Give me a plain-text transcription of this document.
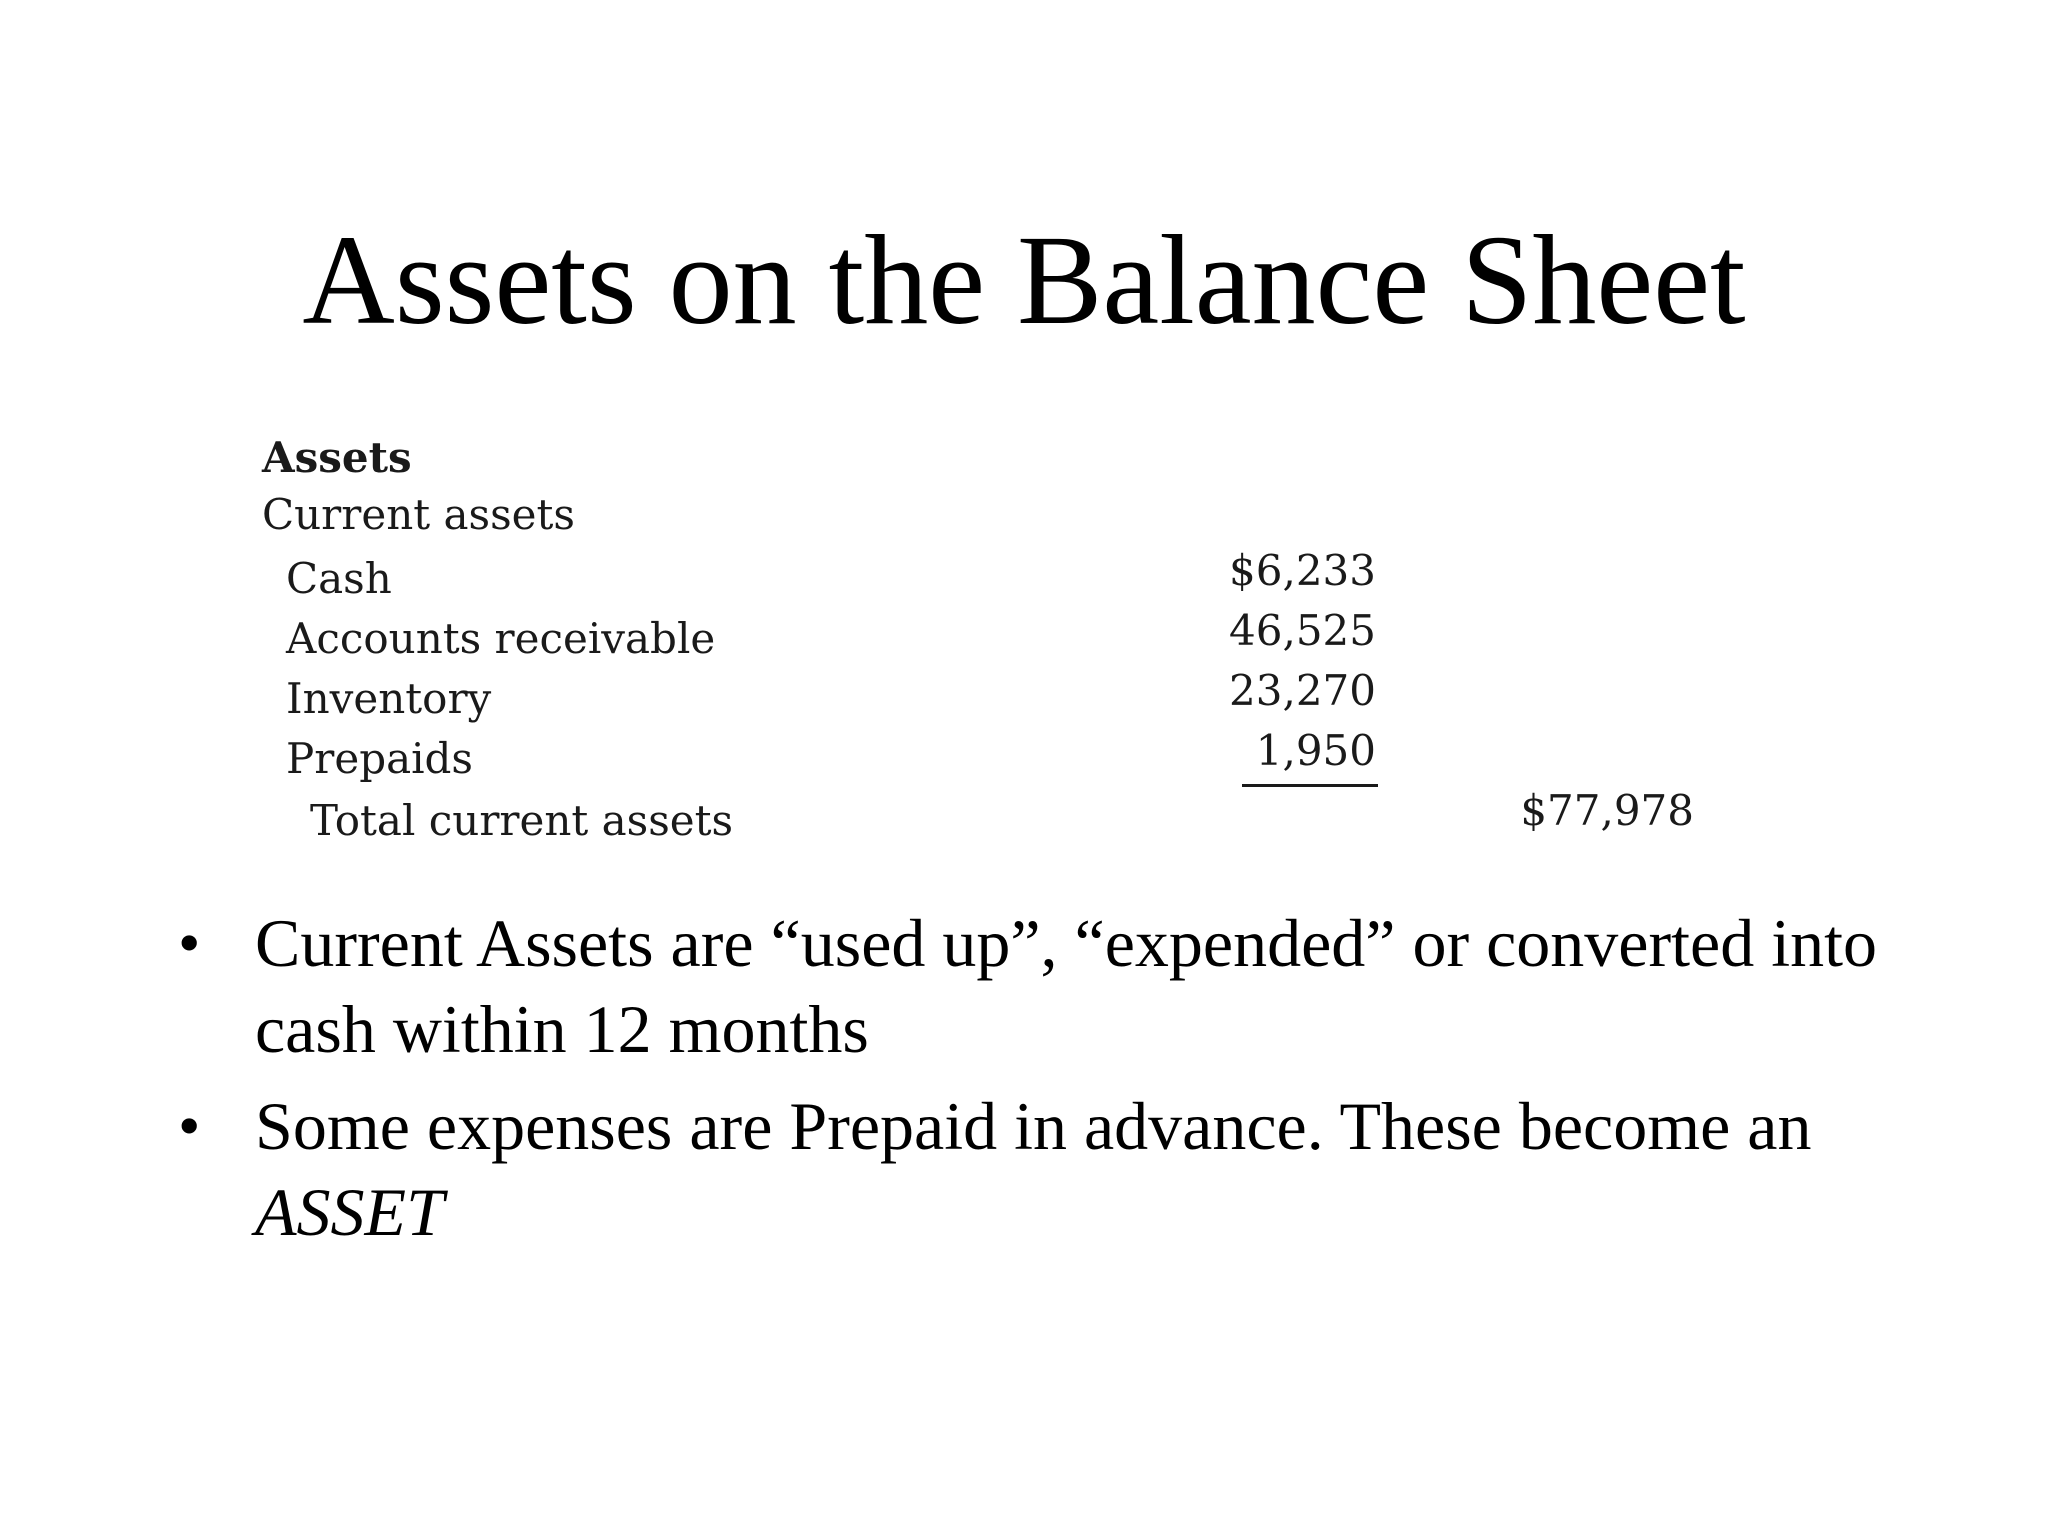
Assets on the Balance Sheet
Assets
Current assets
Cash	$6,233
Accounts receivable	46,525
Inventory	23,270
Prepaids	1,950
Total current assets	$77,978
• Current Assets are “used up”, “expended” or converted into cash within 12 months
• Some expenses are Prepaid in advance. These become an ASSET
